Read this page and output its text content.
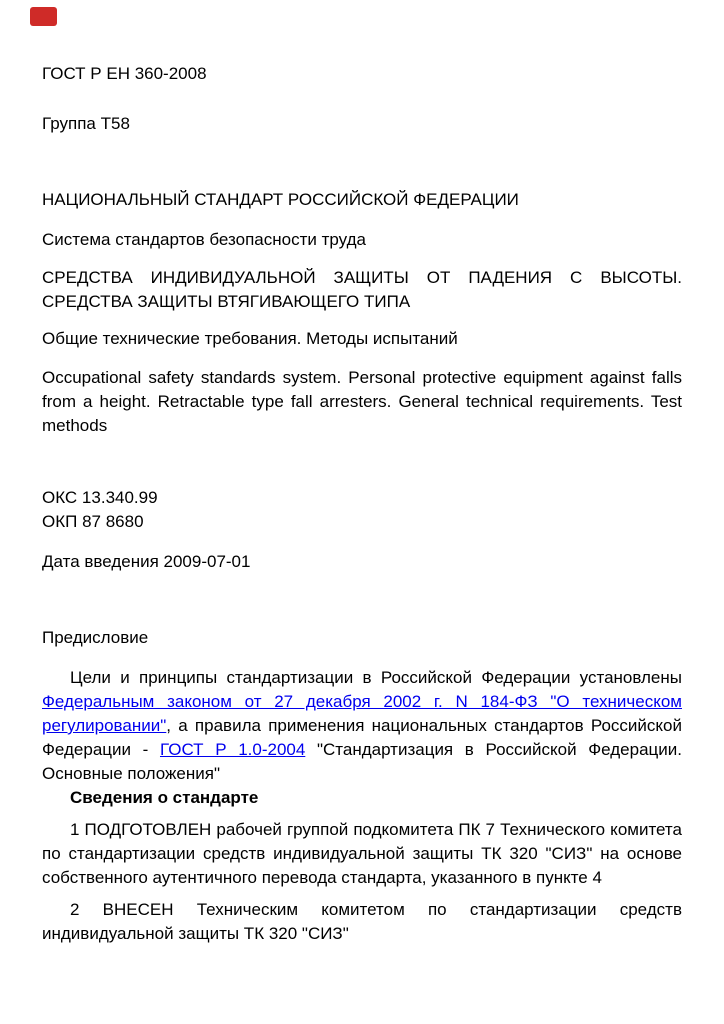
ГОСТ Р ЕН 360-2008

Группа Т58

НАЦИОНАЛЬНЫЙ СТАНДАРТ РОССИЙСКОЙ ФЕДЕРАЦИИ

Система стандартов безопасности труда

СРЕДСТВА ИНДИВИДУАЛЬНОЙ ЗАЩИТЫ ОТ ПАДЕНИЯ С ВЫСОТЫ. СРЕДСТВА ЗАЩИТЫ ВТЯГИВАЮЩЕГО ТИПА

Общие технические требования. Методы испытаний

Occupational safety standards system. Personal protective equipment against falls from a height. Retractable type fall arresters. General technical requirements. Test methods

ОКС 13.340.99

ОКП 87 8680

Дата введения 2009-07-01

Предисловие

Цели и принципы стандартизации в Российской Федерации установлены Федеральным законом от 27 декабря 2002 г. N 184-ФЗ "О техническом регулировании", а правила применения национальных стандартов Российской Федерации - ГОСТ Р 1.0-2004 "Стандартизация в Российской Федерации. Основные положения"

Сведения о стандарте

1 ПОДГОТОВЛЕН рабочей группой подкомитета ПК 7 Технического комитета по стандартизации средств индивидуальной защиты ТК 320 "СИЗ" на основе собственного аутентичного перевода стандарта, указанного в пункте 4

2 ВНЕСЕН Техническим комитетом по стандартизации средств индивидуальной защиты ТК 320 "СИЗ"
